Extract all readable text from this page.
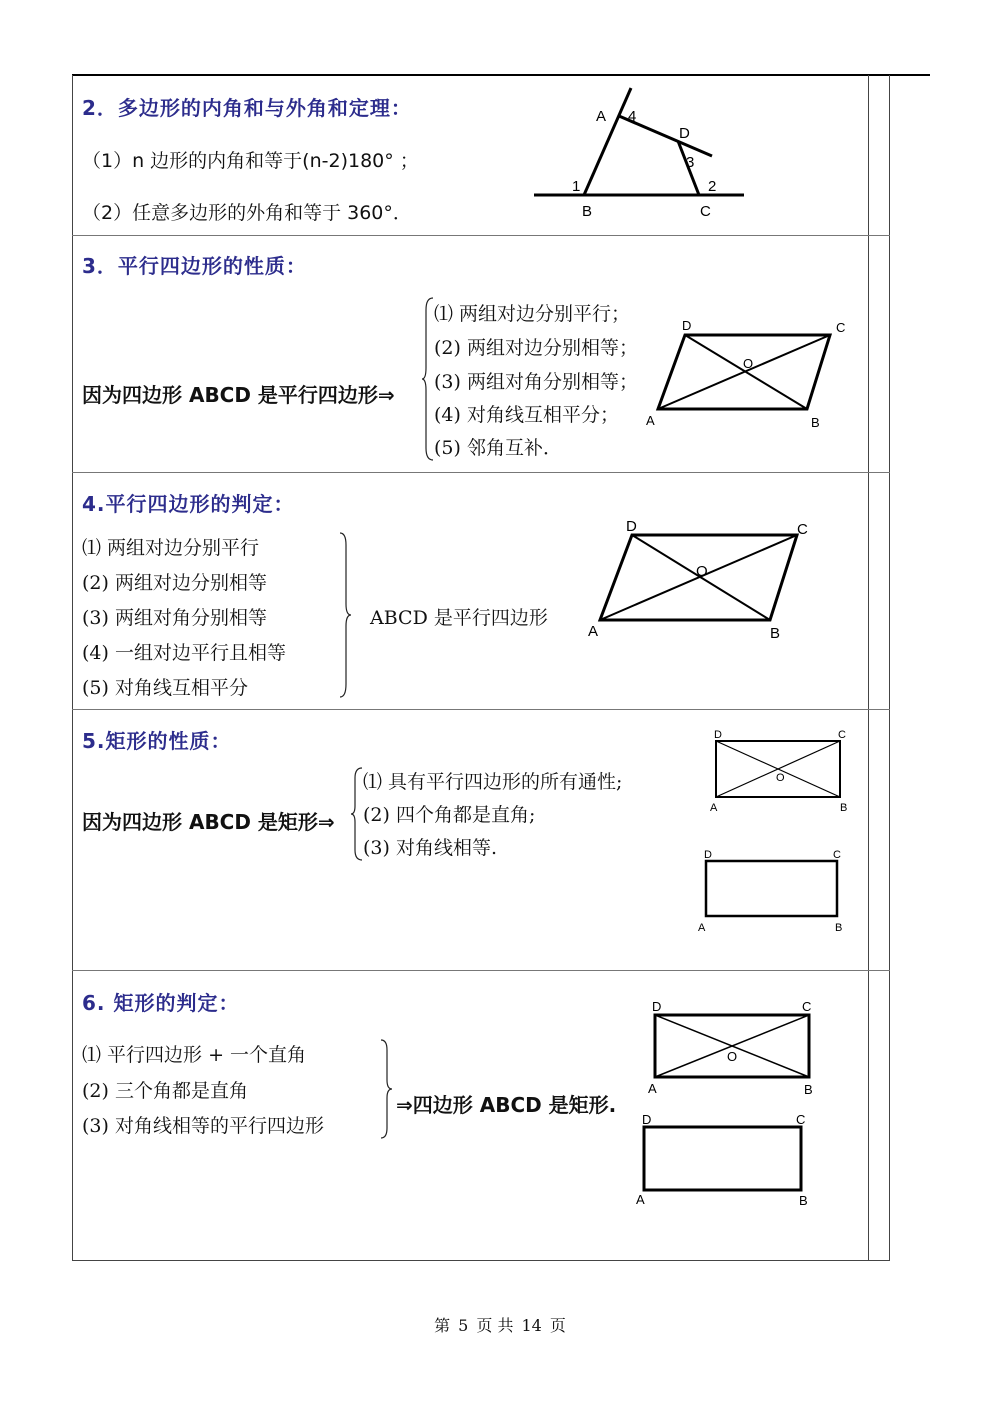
2．多边形的内角和与外角和定理：
（1）n 边形的内角和等于(n-2)180° ；
（2）任意多边形的外角和等于 360°．
A 4
D
3
1	2
B	C
3．平行四边形的性质：
因为四边形 ABCD 是平行四边形⇒
⑴ 两组对边分别平行；
(2) 两组对边分别相等；
(3) 两组对角分别相等；
(4) 对角线互相平分；
(5) 邻角互补．
D	C
O
A	B
4.平行四边形的判定：
⑴ 两组对边分别平行
(2) 两组对边分别相等
(3) 两组对角分别相等
(4) 一组对边平行且相等
(5) 对角线互相平分
ABCD 是平行四边形
D	C
O
A	B
5.矩形的性质：
因为四边形 ABCD 是矩形⇒
⑴ 具有平行四边形的所有通性;
(2) 四个角都是直角;
(3) 对角线相等.
D	C
O
A	B
D	C
A	B
6. 矩形的判定：
⑴ 平行四边形 + 一个直角
(2) 三个角都是直角
(3) 对角线相等的平行四边形
⇒四边形 ABCD 是矩形.
D	C
O
A	B
D	C
A	B
第 5 页 共 14 页
